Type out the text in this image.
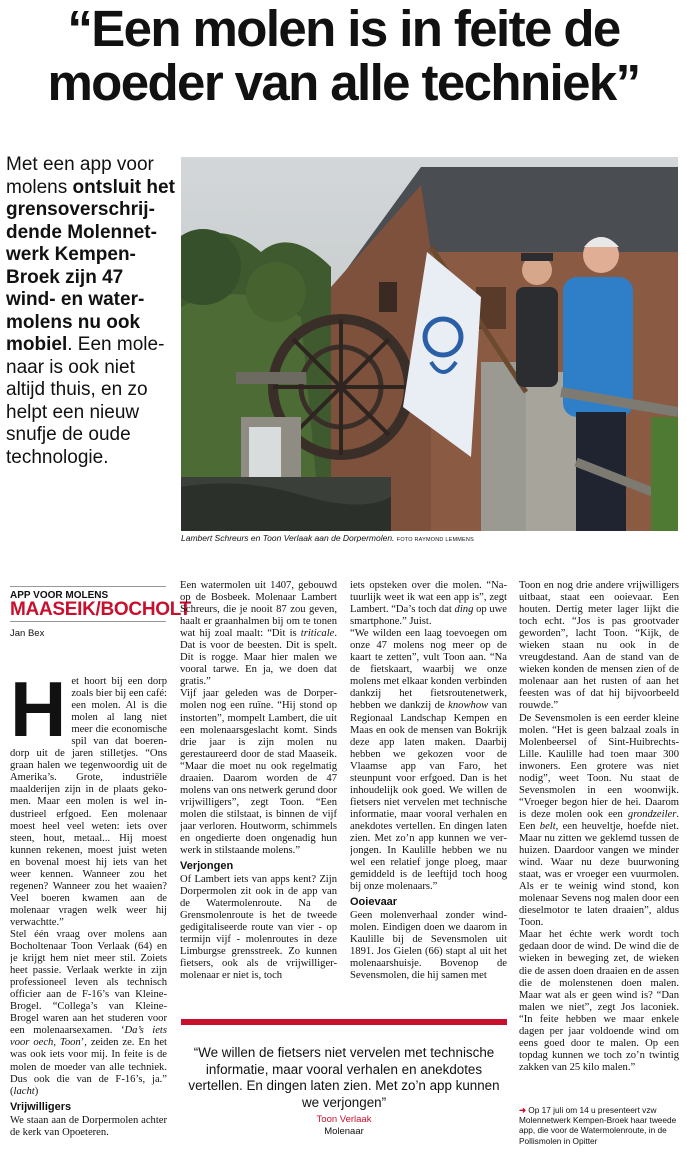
“Een molen is in feite de
moeder van alle techniek”
Met een app voor molens ontsluit het grensoverschrijdende Molennetwerk Kempen-Broek zijn 47 wind- en watermolens nu ook mobiel. Een molenaar is ook niet altijd thuis, en zo helpt een nieuw snufje de oude technologie.
Lambert Schreurs en Toon Verlaak aan de Dorpermolen. FOTO RAYMOND LEMMENS
APP VOOR MOLENS
MAASEIK/BOCHOLT
Jan Bex

Het hoort bij een dorp zoals bier bij een café: een molen. Al is die molen al lang niet meer die economische spil van dat boerendorp uit de jaren stilletjes. “Ons graan halen we tegenwoordig uit de Amerika’s. Grote, industriële maalderijen zijn in de plaats gekomen. Maar een molen is wel industrieel erfgoed. Een molenaar moest heel veel weten: iets over steen, hout, metaal... Hij moest kunnen rekenen, moest juist weten en bovenal moest hij iets van het weer kennen. Wanneer zou het regenen? Wanneer zou het waaien? Veel boeren kwamen aan de molenaar vragen welk weer hij verwachtte.”

Stel één vraag over molens aan Bocholtenaar Toon Verlaak (64) en je krijgt hem niet meer stil. Zoiets heet passie. Verlaak werkte in zijn professioneel leven als technisch officier aan de F-16’s van Kleine-Brogel. “Collega’s van Kleine-Brogel waren aan het studeren voor een molenaarsexamen. ‘Da’s iets voor oech, Toon’, zeiden ze. En het was ook iets voor mij. In feite is de molen de moeder van alle techniek. Dus ook die van de F-16’s, ja.” (lacht)

Vrijwilligers

We staan aan de Dorpermolen achter de kerk van Opoeteren.

Een watermolen uit 1407, gebouwd op de Bosbeek. Molenaar Lambert Schreurs, die je nooit 87 zou geven, haalt er graanhalmen bij om te tonen wat hij zoal maalt: “Dit is triticale. Dat is voor de beesten. Dit is spelt. Dit is rogge. Maar hier malen we vooral tarwe. En ja, we doen dat gratis.”

Vijf jaar geleden was de Dorpermolen nog een ruïne. “Hij stond op instorten”, mompelt Lambert, die uit een molenaarsgeslacht komt. Sinds drie jaar is zijn molen nu gerestaureerd door de stad Maaseik. “Maar die moet nu ook regelmatig draaien. Daarom worden de 47 molens van ons netwerk gerund door vrijwilligers”, zegt Toon. “Een molen die stilstaat, is binnen de vijf jaar verloren. Houtworm, schimmels en ongediertе doen ongenadig hun werk in stilstaande molens.”

Verjongen

Of Lambert iets van apps kent? Zijn Dorpermolen zit ook in de app van de Watermolenroute. Na de Grensmolenroute is het de tweede gedigitaliseerde route van vier - op termijn vijf - molenroutes in deze Limburgse grensstreek. Zo kunnen fietsers, ook als de vrijwilliger-molenaar er niet is, toch

iets opsteken over die molen. “Natuurlijk weet ik wat een app is”, zegt Lambert. “Da’s toch dat ding op uwe smartphone.” Juist.

“We wilden een laag toevoegen om onze 47 molens nog meer op de kaart te zetten”, vult Toon aan. “Na de fietskaart, waarbij we onze molens met elkaar konden verbinden dankzij het fietsroutenetwerk, hebben we dankzij de knowhow van Regionaal Landschap Kempen en Maas en ook de mensen van Bokrijk deze app laten maken. Daarbij hebben we gekozen voor de Vlaamse app van Faro, het steunpunt voor erfgoed. Dan is het inhoudelijk ook goed. We willen de fietsers niet vervelen met technische informatie, maar vooral verhalen en anekdotes vertellen. En dingen laten zien. Met zo’n app kunnen we verjongen. In Kaulille hebben we nu wel een relatief jonge ploeg, maar gemiddeld is de leeftijd toch hoog bij onze molenaars.”

Ooievaar

Geen molenverhaal zonder windmolen. Eindigen doen we daarom in Kaulille bij de Sevensmolen uit 1891. Jos Gielen (66) stapt al uit het molenaarshuisje. Bovenop de Sevensmolen, die hij samen met

Toon en nog drie andere vrijwilligers uitbaat, staat een ooievaar. Een houten. Dertig meter lager lijkt die toch echt. “Jos is pas grootvader geworden”, lacht Toon. “Kijk, de wieken staan nu ook in de vreugdestand. Aan de stand van de wieken konden de mensen zien of de molenaar aan het rusten of aan het feesten was of dat hij bijvoorbeeld rouwde.”

De Sevensmolen is een eerder kleine molen. “Het is geen balzaal zoals in Molenbeersel of Sint-Huibrechts-Lille. Kaulille had toen maar 300 inwoners. Een grotere was niet nodig”, weet Toon. Nu staat de Sevensmolen in een woonwijk. “Vroeger begon hier de hei. Daarom is deze molen ook een grondzeiler. Een belt, een heuveltje, hoefde niet. Maar nu zitten we geklemd tussen de huizen. Daardoor vangen we minder wind. Waar nu deze buurwoning staat, was er vroeger een vuurmolen. Als er te weinig wind stond, kon molenaar Sevens nog malen door een dieselmotor te laten draaien”, aldus Toon.

Maar het échte werk wordt toch gedaan door de wind. De wind die de wieken in beweging zet, de wieken die de assen doen draaien en de assen die de molenstenen doen malen. Maar wat als er geen wind is? “Dan malen we niet”, zegt Jos laconiek. “In feite hebben we maar enkele dagen per jaar voldoende wind om eens goed door te malen. Op een topdag kunnen we toch zo’n twintig zakken van 25 kilo malen.”

“We willen de fietsers niet vervelen met technische informatie, maar vooral verhalen en anekdotes vertellen. En dingen laten zien. Met zo’n app kunnen we verjongen”
Toon Verlaak
Molenaar
➜ Op 17 juli om 14 u presenteert vzw Molennetwerk Kempen-Broek haar tweede app, die voor de Watermolenroute, in de Pollismolen in Opitter
